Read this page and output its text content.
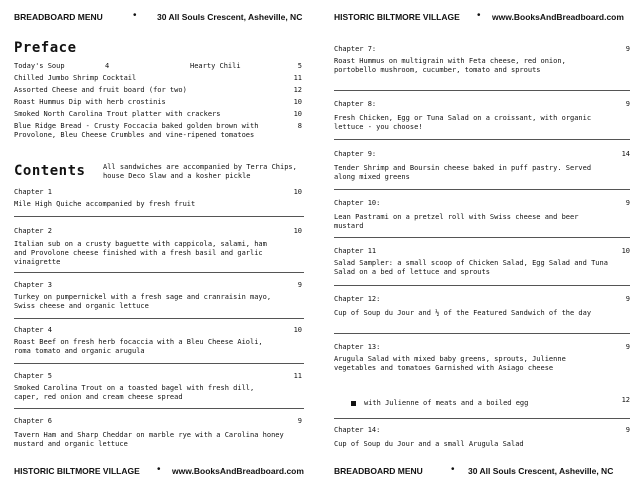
BREADBOARD MENU	• 30 All Souls Crescent, Asheville, NC
Preface
Today's Soup	4	Hearty Chili	5
Chilled Jumbo Shrimp Cocktail	11
Assorted Cheese and fruit board (for two)	12
Roast Hummus Dip with herb crostinis	10
Smoked North Carolina Trout platter with crackers	10
Blue Ridge Bread - Crusty Foccacia baked golden brown with Provolone, Bleu Cheese Crumbles and vine-ripened tomatoes
8
Contents	All sandwiches are accompanied by Terra Chips, house Deco Slaw and a kosher pickle
Chapter 1	10
Mile High Quiche accompanied by fresh fruit
Chapter 2	10
Italian sub on a crusty baguette with cappicola, salami, ham and Provolone cheese finished with a fresh basil and garlic vinaigrette
Chapter 3	9
Turkey on pumpernickel with a fresh sage and cranraisin mayo, Swiss cheese and organic lettuce
Chapter 4	10
Roast Beef on fresh herb focaccia with a Bleu Cheese Aioli, roma tomato and organic arugula
Chapter 5	11
Smoked Carolina Trout on a toasted bagel with fresh dill, caper, red onion and cream cheese spread
Chapter 6	9
Tavern Ham and Sharp Cheddar on marble rye with a Carolina honey mustard and organic lettuce
HISTORIC BILTMORE VILLAGE • www.BooksAndBreadboard.com
HISTORIC BILTMORE VILLAGE • www.BooksAndBreadboard.com
Chapter 7:	9
Roast Hummus on multigrain with Feta cheese, red onion, portobello mushroom, cucumber, tomato and sprouts
Chapter 8:	9
Fresh Chicken, Egg or Tuna Salad on a croissant, with organic lettuce - you choose!
Chapter 9:	14
Tender Shrimp and Boursin cheese baked in puff pastry. Served along mixed greens
Chapter 10:	9
Lean Pastrami on a pretzel roll with Swiss cheese and beer mustard
Chapter 11	10
Salad Sampler: a small scoop of Chicken Salad, Egg Salad and Tuna Salad on a bed of lettuce and sprouts
Chapter 12:	9
Cup of Soup du Jour and ½ of the Featured Sandwich of the day
Chapter 13:	9
Arugula Salad with mixed baby greens, sprouts, Julienne vegetables and tomatoes Garnished with Asiago cheese
with Julienne of meats and a boiled egg	12
Chapter 14:	9
Cup of Soup du Jour and a small Arugula Salad
BREADBOARD MENU	• 30 All Souls Crescent, Asheville, NC
